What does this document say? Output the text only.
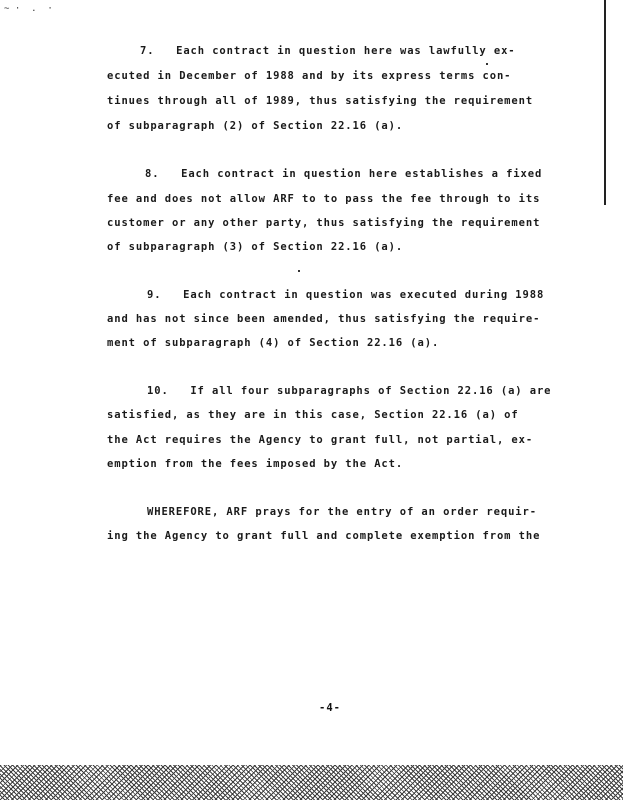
~ ·  .  ·
7.   Each contract in question here was lawfully ex-
ecuted in December of 1988 and by its express terms con-
tinues through all of 1989, thus satisfying the requirement
of subparagraph (2) of Section 22.16 (a).
8.   Each contract in question here establishes a fixed
fee and does not allow ARF to to pass the fee through to its
customer or any other party, thus satisfying the requirement
of subparagraph (3) of Section 22.16 (a).
9.   Each contract in question was executed during 1988
and has not since been amended, thus satisfying the require-
ment of subparagraph (4) of Section 22.16 (a).
10.   If all four subparagraphs of Section 22.16 (a) are
satisfied, as they are in this case, Section 22.16 (a) of
the Act requires the Agency to grant full, not partial, ex-
emption from the fees imposed by the Act.
WHEREFORE, ARF prays for the entry of an order requir-
ing the Agency to grant full and complete exemption from the
-4-
